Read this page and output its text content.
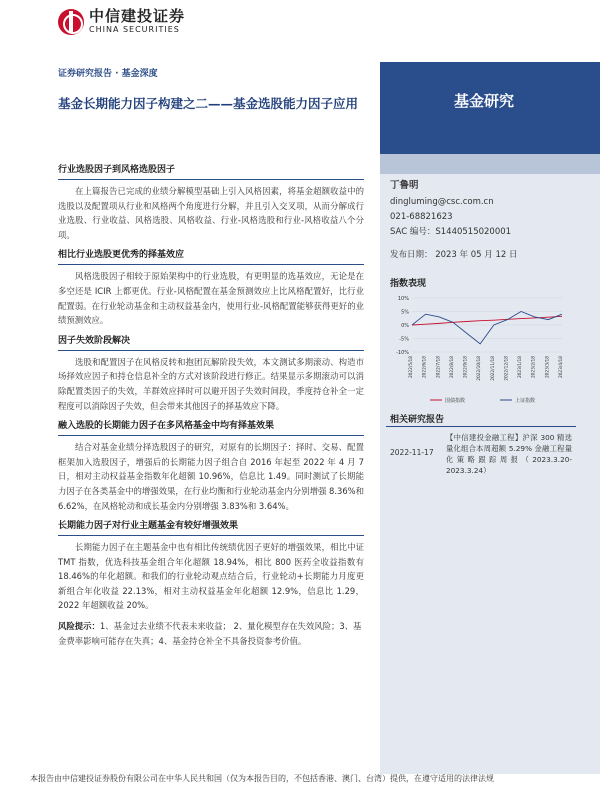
中信建投证券
CHINA SECURITIES
证券研究报告 · 基金深度
基金长期能力因子构建之二——基金选股能力因子应用	基金研究
行业选股因子到风格选股因子

在上篇报告已完成的业绩分解模型基础上引入风格因素，将基金超额收益中的选股以及配置项从行业和风格两个角度进行分解，并且引入交叉项，从而分解成行业选股、行业收益、风格选股、风格收益、行业-风格选股和行业-风格收益八个分项。

相比行业选股更优秀的择基效应

风格选股因子相较于原始架构中的行业选股，有更明显的选基效应，无论是在多空还是 ICIR 上都更优。行业-风格配置在基金预测效应上比风格配置好，比行业配置弱。在行业轮动基金和主动权益基金内，使用行业-风格配置能够获得更好的业绩预测效应。

因子失效阶段解决

选股和配置因子在风格反转和抱团瓦解阶段失效，本文测试多期滚动、构造市场择效应因子和持仓信息补全的方式对该阶段进行修正。结果显示多期滚动可以消除配置类因子的失效，羊群效应择时可以避开因子失效时间段，季度持仓补全一定程度可以消除因子失效，但会带来其他因子的择基效应下降。

融入选股的长期能力因子在多风格基金中均有择基效果

结合对基金业绩分择选股因子的研究，对原有的长期因子：择时、交易、配置框架加入选股因子，增强后的长期能力因子组合自 2016 年起至 2022 年 4 月 7 日，相对主动权益基金指数年化超额 10.96%，信息比 1.49。同时测试了长期能力因子在各类基金中的增强效果，在行业均衡和行业轮动基金内分别增强 8.36%和 6.62%，在风格轮动和成长基金内分别增强 3.83%和 3.64%。

长期能力因子对行业主题基金有较好增强效果

长期能力因子在主题基金中也有相比传统绩优因子更好的增强效果，相比中证 TMT 指数，优选科技基金组合年化超额 18.94%，相比 800 医药全收益指数有 18.46%的年化超额。和我们的行业轮动观点结合后，行业轮动+长期能力月度更新组合年化收益 22.13%，相对主动权益基金年化超额 12.9%，信息比 1.29，2022 年超额收益 20%。

风险提示：1、基金过去业绩不代表未来收益； 2、量化模型存在失效风险；3、基金费率影响可能存在失真；4、基金持仓补全不具备投资参考价值。

丁鲁明
dingluming@csc.com.cn
021-68821623
SAC 编号：S1440515020001
发布日期： 2023 年 05 月 12 日
指数表现
10%
5%
0%
-5%
-10%
2022/5/18 2022/6/18 2022/7/18 2022/8/18 2022/9/18 2022/10/18 2022/11/18 2022/12/18 2023/1/18 2023/2/18 2023/3/18 2023/4/18
国债指数	上证指数
相关研究报告
2022-11-17
【中信建投金融工程】沪深 300 精选量化组合本周超额 5.29% 金融工程量化策略跟踪周报（2023.3.20-2023.3.24）
本报告由中信建投证券股份有限公司在中华人民共和国（仅为本报告目的，不包括香港、澳门、台湾）提供，在遵守适用的法律法规
